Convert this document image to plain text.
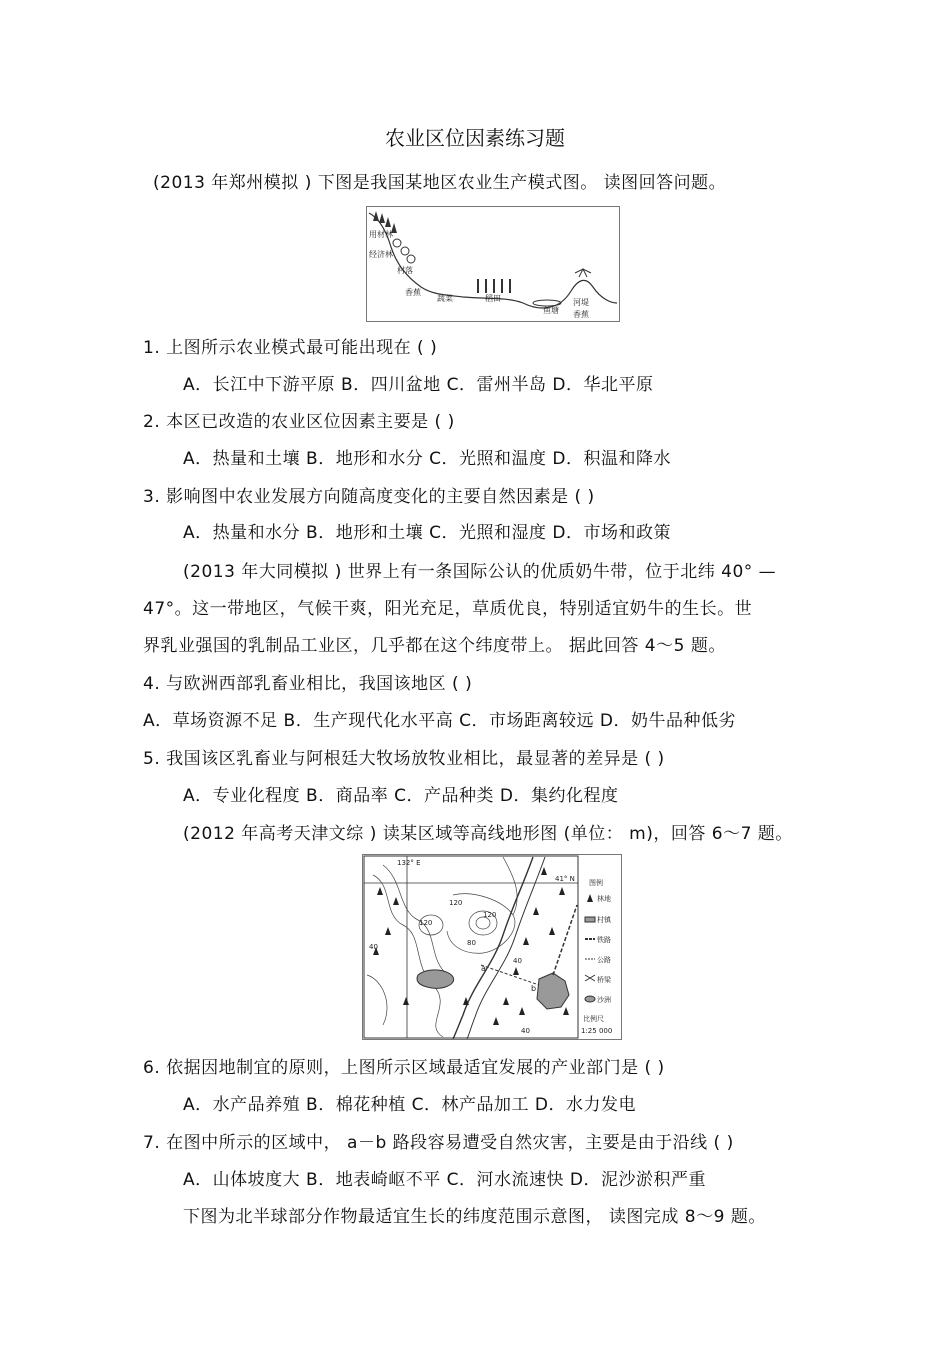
农业区位因素练习题
(2013 年郑州模拟 ) 下图是我国某地区农业生产模式图。 读图回答问题。
用材林
经济林
村落
香蕉
蔬菜	稻田
鱼塘
河堤
香蕉
1. 上图所示农业模式最可能出现在 ( )
A．长江中下游平原 B．四川盆地 C．雷州半岛 D．华北平原
2. 本区已改造的农业区位因素主要是 ( )
A．热量和土壤 B．地形和水分 C．光照和温度 D．积温和降水
3. 影响图中农业发展方向随高度变化的主要自然因素是 ( )
A．热量和水分 B．地形和土壤 C．光照和湿度 D．市场和政策
(2013 年大同模拟 ) 世界上有一条国际公认的优质奶牛带，位于北纬 40° —
47°。这一带地区，气候干爽，阳光充足，草质优良，特别适宜奶牛的生长。世
界乳业强国的乳制品工业区，几乎都在这个纬度带上。 据此回答 4～5 题。
4. 与欧洲西部乳畜业相比，我国该地区 ( )
A．草场资源不足 B．生产现代化水平高 C．市场距离较远 D．奶牛品种低劣
5. 我国该区乳畜业与阿根廷大牧场放牧业相比，最显著的差异是 ( )
A．专业化程度 B．商品率 C．产品种类 D．集约化程度
(2012 年高考天津文综 ) 读某区域等高线地形图 (单位： m)，回答 6～7 题。
132° E
41° N
120
120
120
80
40
40
40
a
b
图例
林地
村镇
铁路
公路
桥梁
沙洲
比例尺
1:25 000
6. 依据因地制宜的原则，上图所示区域最适宜发展的产业部门是 ( )
A．水产品养殖 B．棉花种植 C．林产品加工 D．水力发电
7. 在图中所示的区域中， a－b 路段容易遭受自然灾害，主要是由于沿线 ( )
A．山体坡度大 B．地表崎岖不平 C．河水流速快 D．泥沙淤积严重
下图为北半球部分作物最适宜生长的纬度范围示意图， 读图完成 8～9 题。
